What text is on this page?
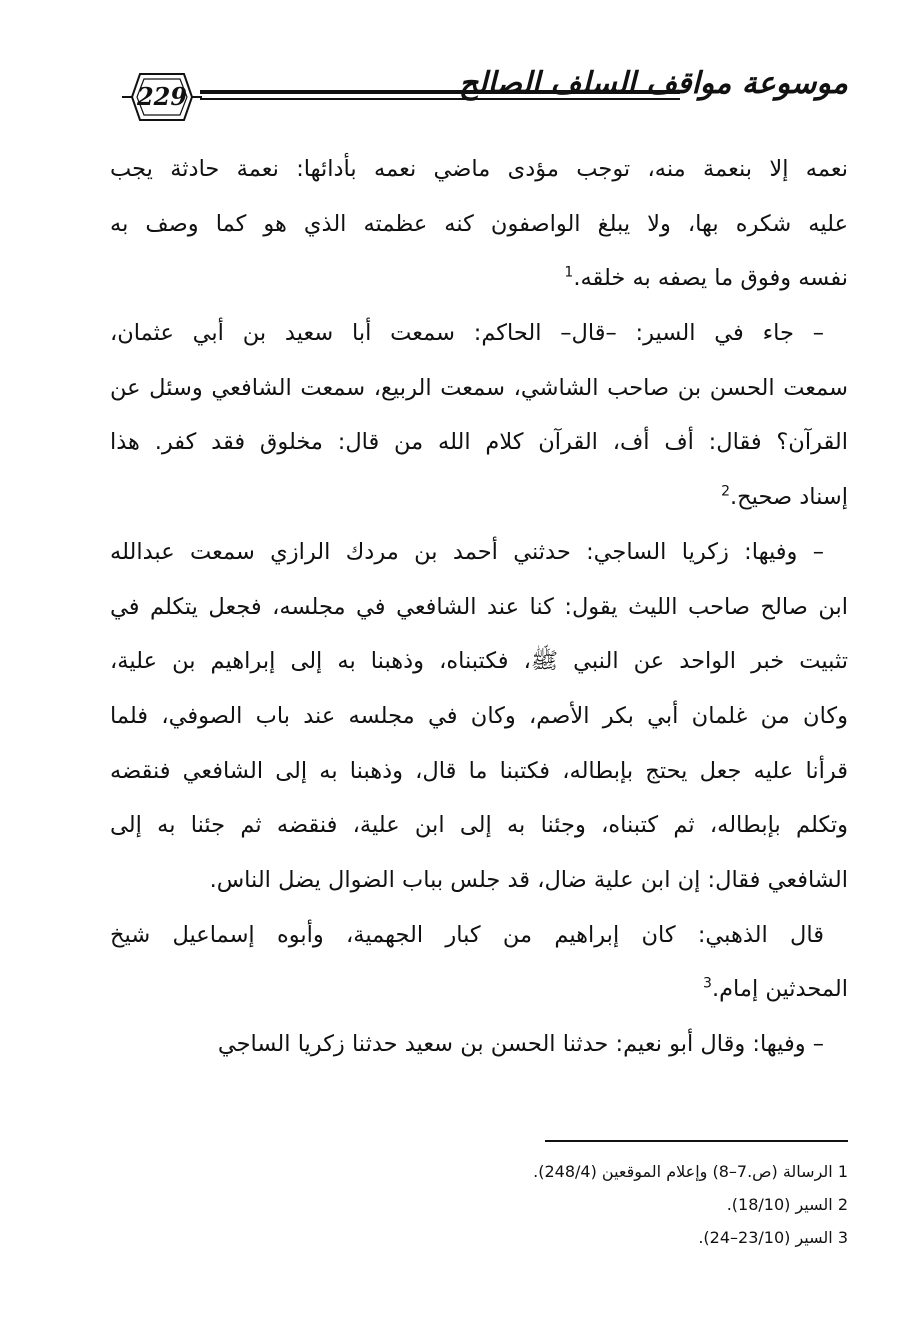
229	موسوعة مواقف السلف الصالح
نعمه إلا بنعمة منه، توجب مؤدى ماضي نعمه بأدائها: نعمة حادثة يجب
عليه شكره بها، ولا يبلغ الواصفون كنه عظمته الذي هو كما وصف به
نفسه وفوق ما يصفه به خلقه.$^1$
– جاء في السير: –قال– الحاكم: سمعت أبا سعيد بن أبي عثمان،
سمعت الحسن بن صاحب الشاشي، سمعت الربيع، سمعت الشافعي وسئل عن
القرآن؟ فقال: أف أف، القرآن كلام الله من قال: مخلوق فقد كفر. هذا
إسناد صحيح.$^2$
– وفيها: زكريا الساجي: حدثني أحمد بن مردك الرازي سمعت عبدالله
ابن صالح صاحب الليث يقول: كنا عند الشافعي في مجلسه، فجعل يتكلم في
تثبيت خبر الواحد عن النبي ﷺ، فكتبناه، وذهبنا به إلى إبراهيم بن علية،
وكان من غلمان أبي بكر الأصم، وكان في مجلسه عند باب الصوفي، فلما
قرأنا عليه جعل يحتج بإبطاله، فكتبنا ما قال، وذهبنا به إلى الشافعي فنقضه
وتكلم بإبطاله، ثم كتبناه، وجئنا به إلى ابن علية، فنقضه ثم جئنا به إلى
الشافعي فقال: إن ابن علية ضال، قد جلس بباب الضوال يضل الناس.
قال الذهبي: كان إبراهيم من كبار الجهمية، وأبوه إسماعيل شيخ
المحدثين إمام.$^3$
– وفيها: وقال أبو نعيم: حدثنا الحسن بن سعيد حدثنا زكريا الساجي
1 الرسالة (ص.7–8) وإعلام الموقعين (248/4).
2 السير (18/10).
3 السير (23/10–24).
